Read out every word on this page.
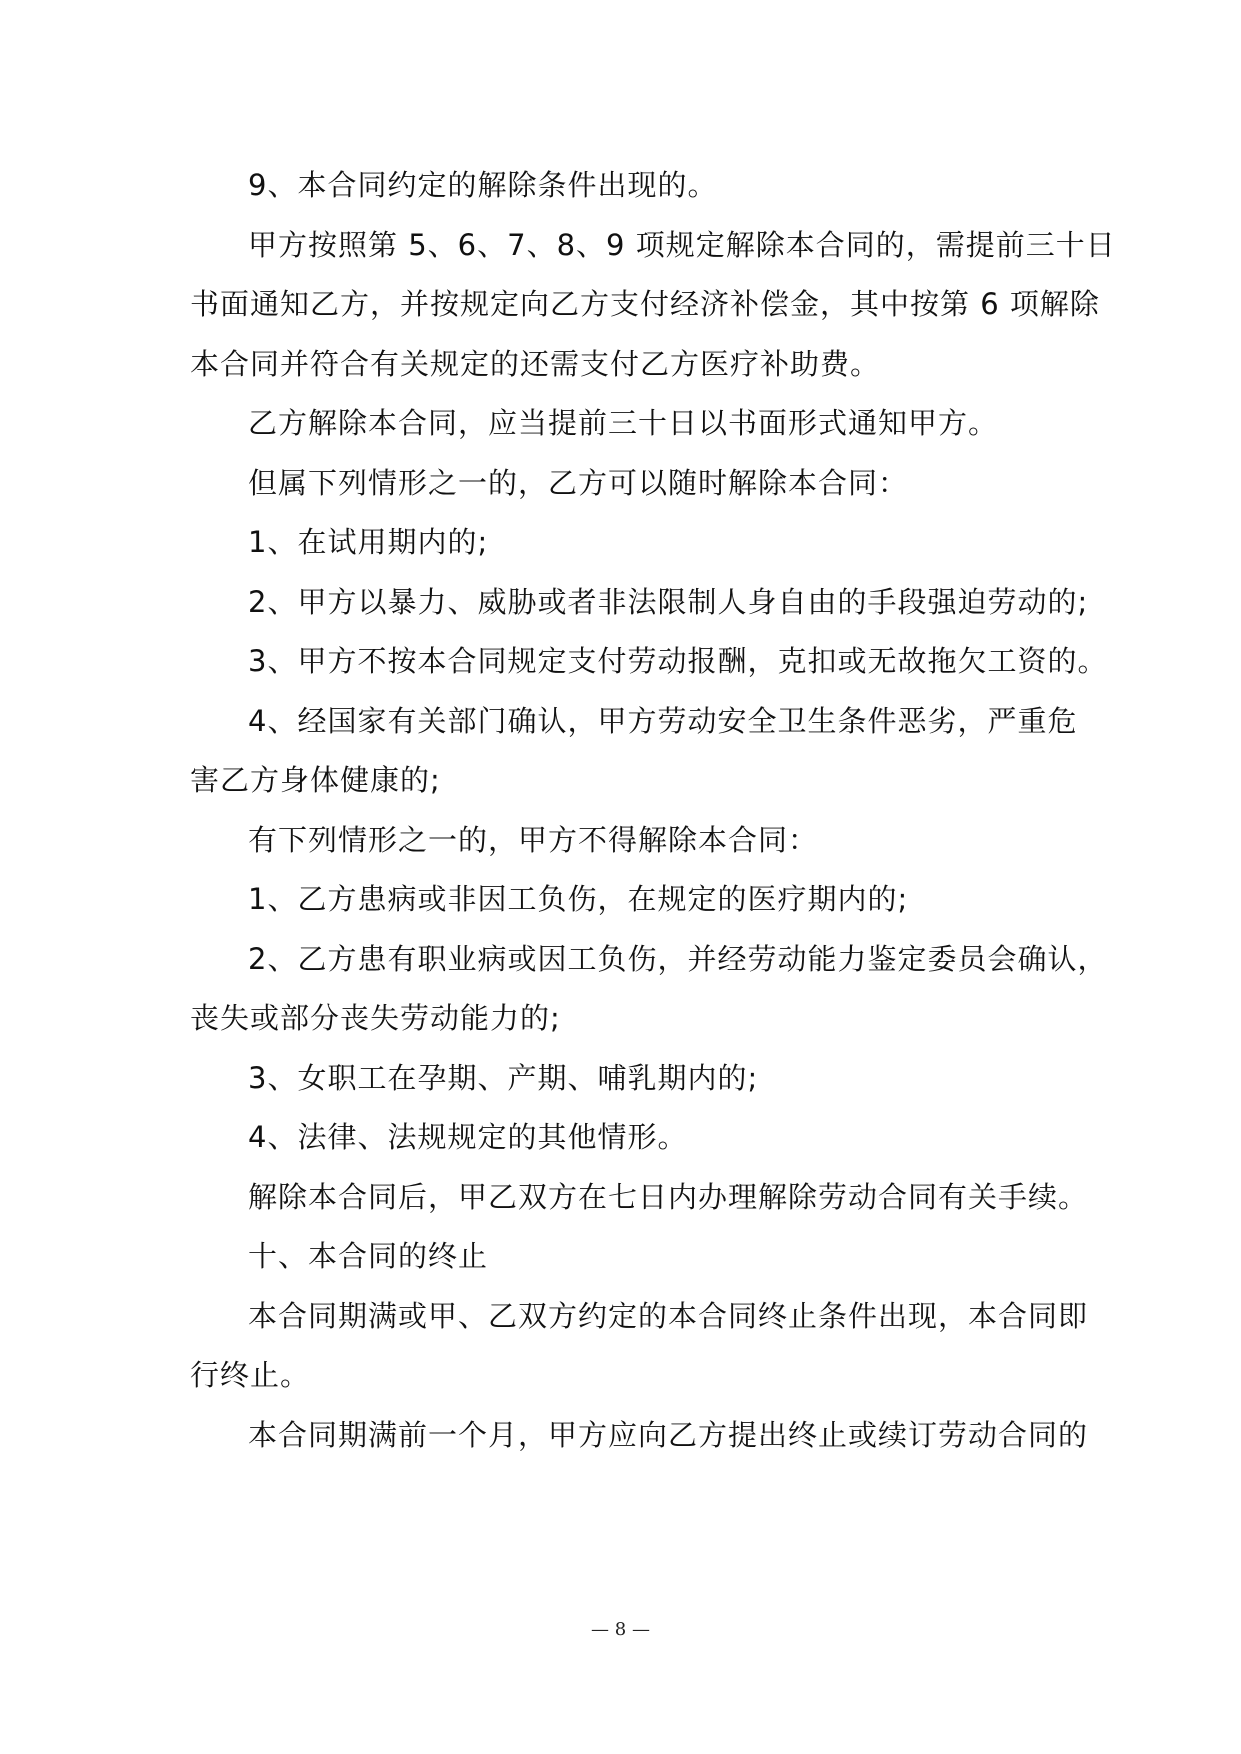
9、本合同约定的解除条件出现的。

甲方按照第 5、6、7、8、9 项规定解除本合同的，需提前三十日

书面通知乙方，并按规定向乙方支付经济补偿金，其中按第 6 项解除

本合同并符合有关规定的还需支付乙方医疗补助费。

乙方解除本合同，应当提前三十日以书面形式通知甲方。

但属下列情形之一的，乙方可以随时解除本合同：

1、在试用期内的;

2、甲方以暴力、威胁或者非法限制人身自由的手段强迫劳动的;

3、甲方不按本合同规定支付劳动报酬，克扣或无故拖欠工资的。

4、经国家有关部门确认，甲方劳动安全卫生条件恶劣，严重危

害乙方身体健康的;

有下列情形之一的，甲方不得解除本合同：

1、乙方患病或非因工负伤，在规定的医疗期内的;

2、乙方患有职业病或因工负伤，并经劳动能力鉴定委员会确认，

丧失或部分丧失劳动能力的;

3、女职工在孕期、产期、哺乳期内的;

4、法律、法规规定的其他情形。

解除本合同后，甲乙双方在七日内办理解除劳动合同有关手续。

十、本合同的终止

本合同期满或甲、乙双方约定的本合同终止条件出现，本合同即

行终止。

本合同期满前一个月，甲方应向乙方提出终止或续订劳动合同的

— 8 —
